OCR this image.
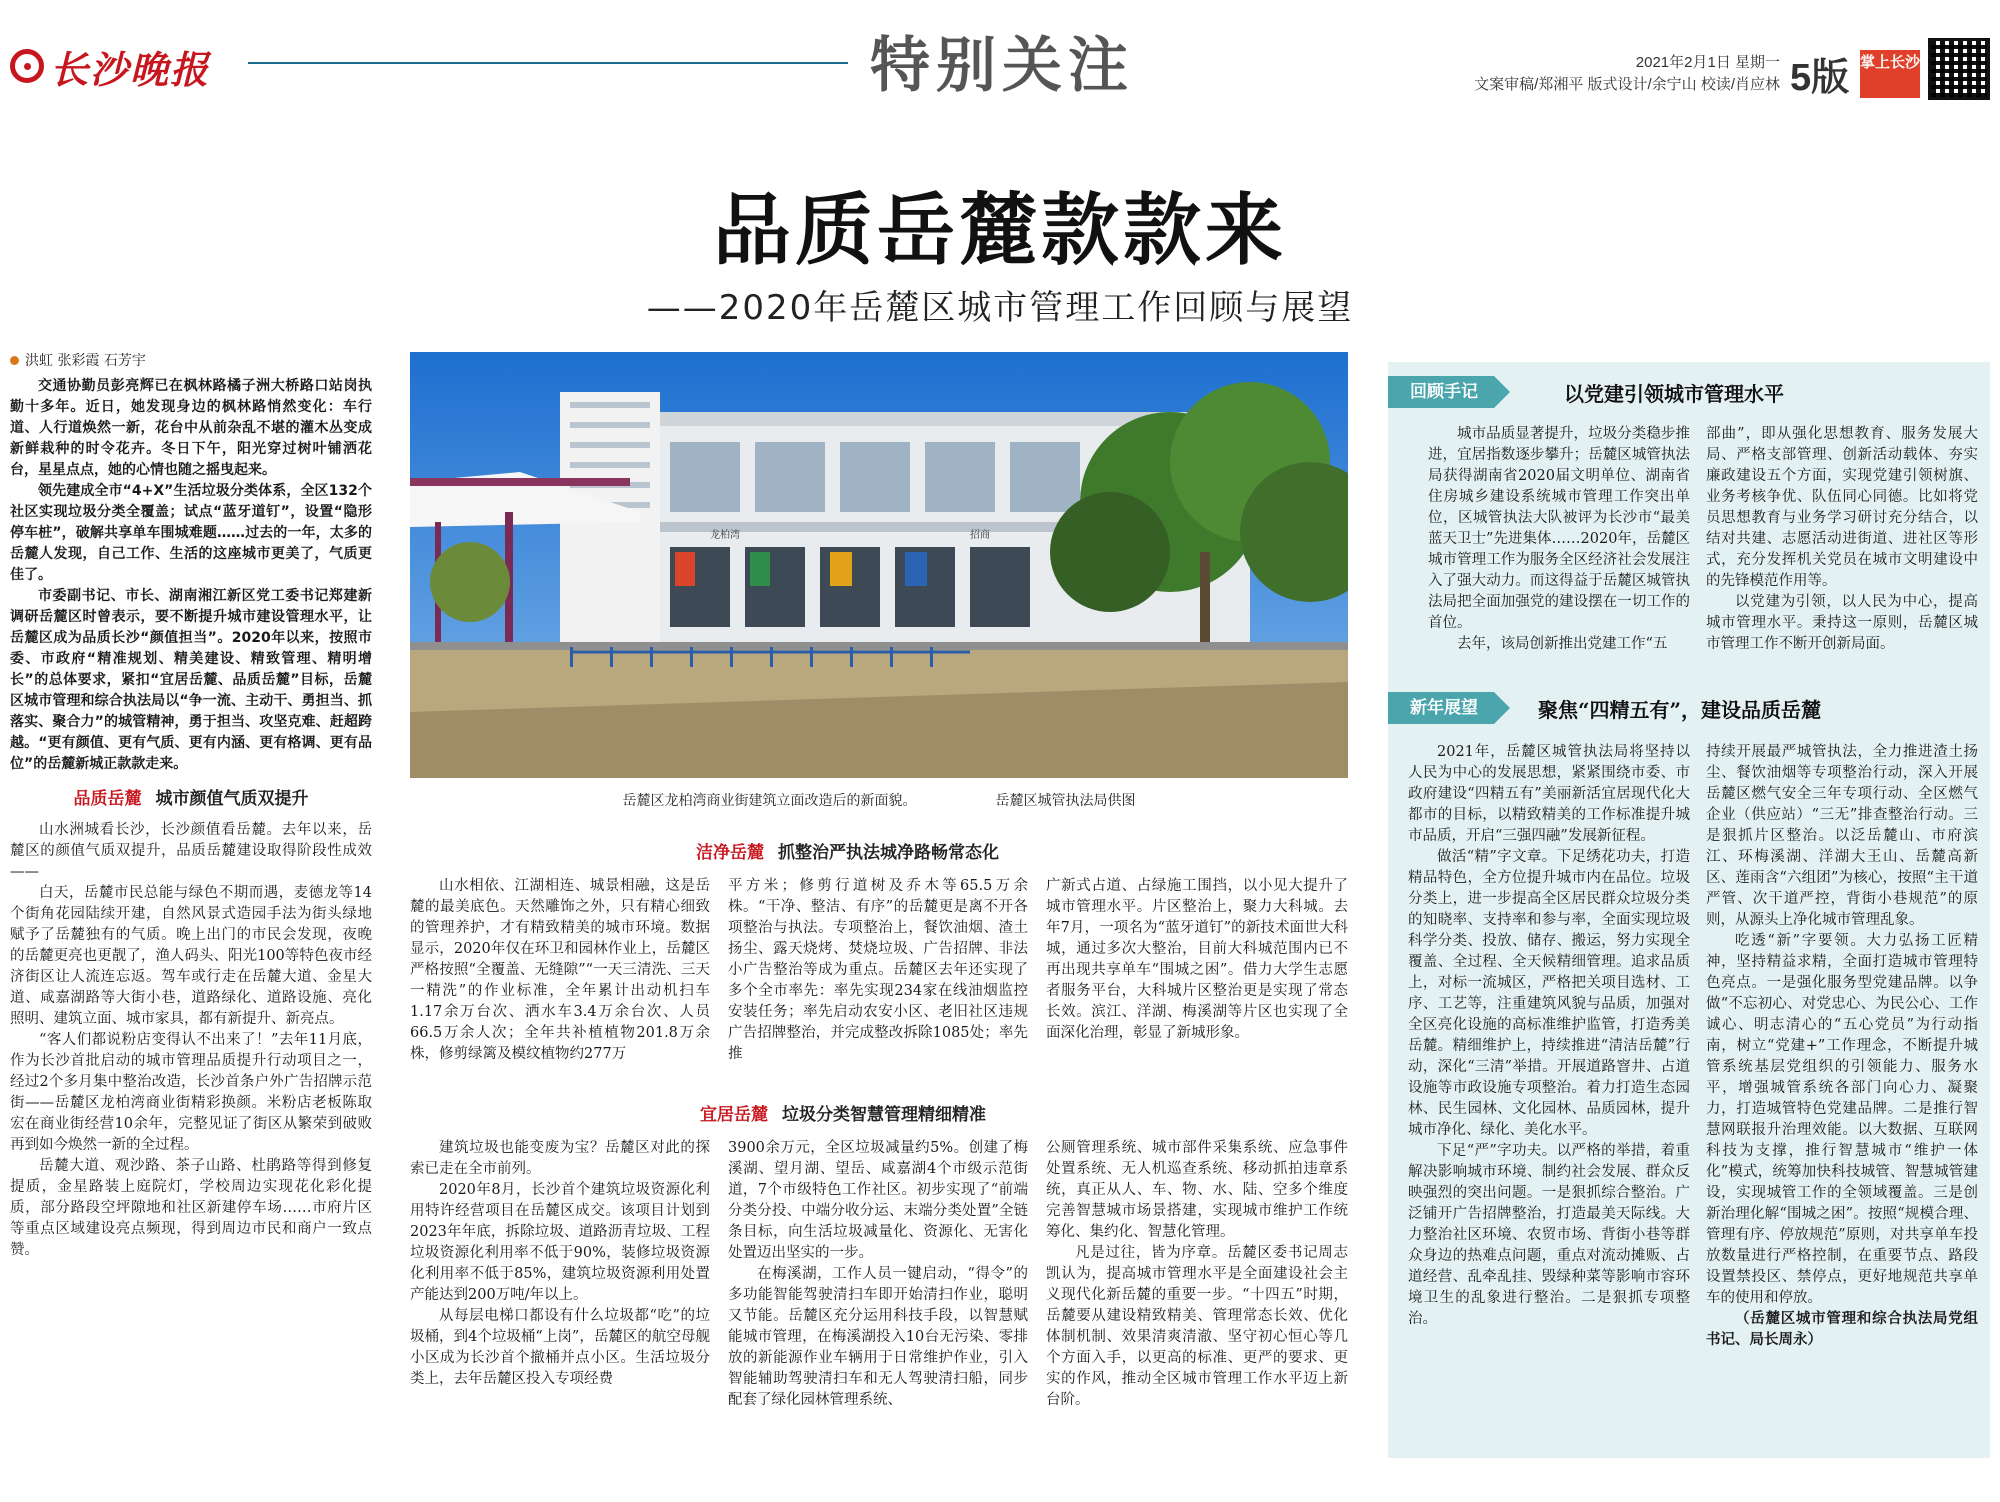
长沙晚报	特别关注	2021年2月1日 星期一
文案审稿/郑湘平 版式设计/余宁山 校读/肖应林 5版 掌上长沙
品质岳麓款款来
——2020年岳麓区城市管理工作回顾与展望
洪虹 张彩霞 石芳宇

交通协勤员彭亮辉已在枫林路橘子洲大桥路口站岗执勤十多年。近日，她发现身边的枫林路悄然变化：车行道、人行道焕然一新，花台中从前杂乱不堪的灌木丛变成新鲜栽种的时令花卉。冬日下午，阳光穿过树叶铺洒花台，星星点点，她的心情也随之摇曳起来。

领先建成全市“4+X”生活垃圾分类体系，全区132个社区实现垃圾分类全覆盖；试点“蓝牙道钉”，设置“隐形停车桩”，破解共享单车围城难题……过去的一年，太多的岳麓人发现，自己工作、生活的这座城市更美了，气质更佳了。

市委副书记、市长、湖南湘江新区党工委书记郑建新调研岳麓区时曾表示，要不断提升城市建设管理水平，让岳麓区成为品质长沙“颜值担当”。2020年以来，按照市委、市政府“精准规划、精美建设、精致管理、精明增长”的总体要求，紧扣“宜居岳麓、品质岳麓”目标，岳麓区城市管理和综合执法局以“争一流、主动干、勇担当、抓落实、聚合力”的城管精神，勇于担当、攻坚克难、赶超跨越。“更有颜值、更有气质、更有内涵、更有格调、更有品位”的岳麓新城正款款走来。

品质岳麓 城市颜值气质双提升

山水洲城看长沙，长沙颜值看岳麓。去年以来，岳麓区的颜值气质双提升，品质岳麓建设取得阶段性成效——

白天，岳麓市民总能与绿色不期而遇，麦德龙等14个街角花园陆续开建，自然风景式造园手法为街头绿地赋予了岳麓独有的气质。晚上出门的市民会发现，夜晚的岳麓更亮也更靓了，渔人码头、阳光100等特色夜市经济街区让人流连忘返。驾车或行走在岳麓大道、金星大道、咸嘉湖路等大街小巷，道路绿化、道路设施、亮化照明、建筑立面、城市家具，都有新提升、新亮点。

“客人们都说粉店变得认不出来了！”去年11月底，作为长沙首批启动的城市管理品质提升行动项目之一，经过2个多月集中整治改造，长沙首条户外广告招牌示范街——岳麓区龙柏湾商业街精彩换颜。米粉店老板陈取宏在商业街经营10余年，完整见证了街区从繁荣到破败再到如今焕然一新的全过程。

岳麓大道、观沙路、茶子山路、杜鹃路等得到修复提质，金星路装上庭院灯，学校周边实现花化彩化提质，部分路段空坪隙地和社区新建停车场……市府片区等重点区域建设亮点频现，得到周边市民和商户一致点赞。

龙柏湾	招商
岳麓区龙柏湾商业街建筑立面改造后的新面貌。	岳麓区城管执法局供图
洁净岳麓 抓整治严执法城净路畅常态化

山水相依、江湖相连、城景相融，这是岳麓的最美底色。天然雕饰之外，只有精心细致的管理养护，才有精致精美的城市环境。数据显示，2020年仅在环卫和园林作业上，岳麓区严格按照“全覆盖、无缝隙”“一天三清洗、三天一精洗”的作业标准，全年累计出动机扫车1.17余万台次、洒水车3.4万余台次、人员66.5万余人次；全年共补植植物201.8万余株，修剪绿篱及模纹植物约277万

平方米；修剪行道树及乔木等65.5万余株。“干净、整洁、有序”的岳麓更是离不开各项整治与执法。专项整治上，餐饮油烟、渣土扬尘、露天烧烤、焚烧垃圾、广告招牌、非法小广告整治等成为重点。岳麓区去年还实现了多个全市率先：率先实现234家在线油烟监控安装任务；率先启动农安小区、老旧社区违规广告招牌整治，并完成整改拆除1085处；率先推

广新式占道、占绿施工围挡，以小见大提升了城市管理水平。片区整治上，聚力大科城。去年7月，一项名为“蓝牙道钉”的新技术面世大科城，通过多次大整治，目前大科城范围内已不再出现共享单车“围城之困”。借力大学生志愿者服务平台，大科城片区整治更是实现了常态长效。滨江、洋湖、梅溪湖等片区也实现了全面深化治理，彰显了新城形象。

宜居岳麓 垃圾分类智慧管理精细精准

建筑垃圾也能变废为宝？岳麓区对此的探索已走在全市前列。

2020年8月，长沙首个建筑垃圾资源化利用特许经营项目在岳麓区成交。该项目计划到2023年年底，拆除垃圾、道路沥青垃圾、工程垃圾资源化利用率不低于90%，装修垃圾资源化利用率不低于85%，建筑垃圾资源利用处置产能达到200万吨/年以上。

从每层电梯口都设有什么垃圾都“吃”的垃圾桶，到4个垃圾桶“上岗”，岳麓区的航空母舰小区成为长沙首个撤桶并点小区。生活垃圾分类上，去年岳麓区投入专项经费

3900余万元，全区垃圾减量约5%。创建了梅溪湖、望月湖、望岳、咸嘉湖4个市级示范街道，7个市级特色工作社区。初步实现了“前端分类分投、中端分收分运、末端分类处置”全链条目标，向生活垃圾减量化、资源化、无害化处置迈出坚实的一步。

在梅溪湖，工作人员一键启动，“得令”的多功能智能驾驶清扫车即开始清扫作业，聪明又节能。岳麓区充分运用科技手段，以智慧赋能城市管理，在梅溪湖投入10台无污染、零排放的新能源作业车辆用于日常维护作业，引入智能辅助驾驶清扫车和无人驾驶清扫船，同步配套了绿化园林管理系统、

公厕管理系统、城市部件采集系统、应急事件处置系统、无人机巡查系统、移动抓拍违章系统，真正从人、车、物、水、陆、空多个维度完善智慧城市场景搭建，实现城市维护工作统筹化、集约化、智慧化管理。

凡是过往，皆为序章。岳麓区委书记周志凯认为，提高城市管理水平是全面建设社会主义现代化新岳麓的重要一步。“十四五”时期，岳麓要从建设精致精美、管理常态长效、优化体制机制、效果清爽清澈、坚守初心恒心等几个方面入手，以更高的标准、更严的要求、更实的作风，推动全区城市管理工作水平迈上新台阶。

回顾手记	以党建引领城市管理水平

城市品质显著提升，垃圾分类稳步推进，宜居指数逐步攀升；岳麓区城管执法局获得湖南省2020届文明单位、湖南省住房城乡建设系统城市管理工作突出单位，区城管执法大队被评为长沙市“最美蓝天卫士”先进集体……2020年，岳麓区城市管理工作为服务全区经济社会发展注入了强大动力。而这得益于岳麓区城管执法局把全面加强党的建设摆在一切工作的首位。

去年，该局创新推出党建工作“五

部曲”，即从强化思想教育、服务发展大局、严格支部管理、创新活动载体、夯实廉政建设五个方面，实现党建引领树旗、业务考核争优、队伍同心同德。比如将党员思想教育与业务学习研讨充分结合，以结对共建、志愿活动进街道、进社区等形式，充分发挥机关党员在城市文明建设中的先锋模范作用等。

以党建为引领，以人民为中心，提高城市管理水平。秉持这一原则，岳麓区城市管理工作不断开创新局面。

新年展望	聚焦“四精五有”，建设品质岳麓

2021年，岳麓区城管执法局将坚持以人民为中心的发展思想，紧紧围绕市委、市政府建设“四精五有”美丽新活宜居现代化大都市的目标，以精致精美的工作标准提升城市品质，开启“三强四融”发展新征程。

做活“精”字文章。下足绣花功夫，打造精品特色，全方位提升城市内在品位。垃圾分类上，进一步提高全区居民群众垃圾分类的知晓率、支持率和参与率，全面实现垃圾科学分类、投放、储存、搬运，努力实现全覆盖、全过程、全天候精细管理。追求品质上，对标一流城区，严格把关项目选材、工序、工艺等，注重建筑风貌与品质，加强对全区亮化设施的高标准维护监管，打造秀美岳麓。精细维护上，持续推进“清洁岳麓”行动，深化“三清”举措。开展道路窨井、占道设施等市政设施专项整治。着力打造生态园林、民生园林、文化园林、品质园林，提升城市净化、绿化、美化水平。

下足“严”字功夫。以严格的举措，着重解决影响城市环境、制约社会发展、群众反映强烈的突出问题。一是狠抓综合整治。广泛铺开广告招牌整治，打造最美天际线。大力整治社区环境、农贸市场、背街小巷等群众身边的热难点问题，重点对流动摊贩、占道经营、乱牵乱挂、毁绿种菜等影响市容环境卫生的乱象进行整治。二是狠抓专项整治。

持续开展最严城管执法，全力推进渣土扬尘、餐饮油烟等专项整治行动，深入开展岳麓区燃气安全三年专项行动、全区燃气企业（供应站）“三无”排查整治行动。三是狠抓片区整治。以泛岳麓山、市府滨江、环梅溪湖、洋湖大王山、岳麓高新区、莲雨含“六组团”为核心，按照“主干道严管、次干道严控，背街小巷规范”的原则，从源头上净化城市管理乱象。

吃透“新”字要领。大力弘扬工匠精神，坚持精益求精，全面打造城市管理特色亮点。一是强化服务型党建品牌。以争做“不忘初心、对党忠心、为民公心、工作诚心、明志清心的“五心党员”为行动指南，树立“党建+”工作理念，不断提升城管系统基层党组织的引领能力、服务水平，增强城管系统各部门向心力、凝聚力，打造城管特色党建品牌。二是推行智慧网联报升治理效能。以大数据、互联网科技为支撑，推行智慧城市“维护一体化”模式，统筹加快科技城管、智慧城管建设，实现城管工作的全领域覆盖。三是创新治理化解“围城之困”。按照“规模合理、管理有序、停放规范”原则，对共享单车投放数量进行严格控制，在重要节点、路段设置禁投区、禁停点，更好地规范共享单车的使用和停放。

（岳麓区城市管理和综合执法局党组书记、局长周永）
